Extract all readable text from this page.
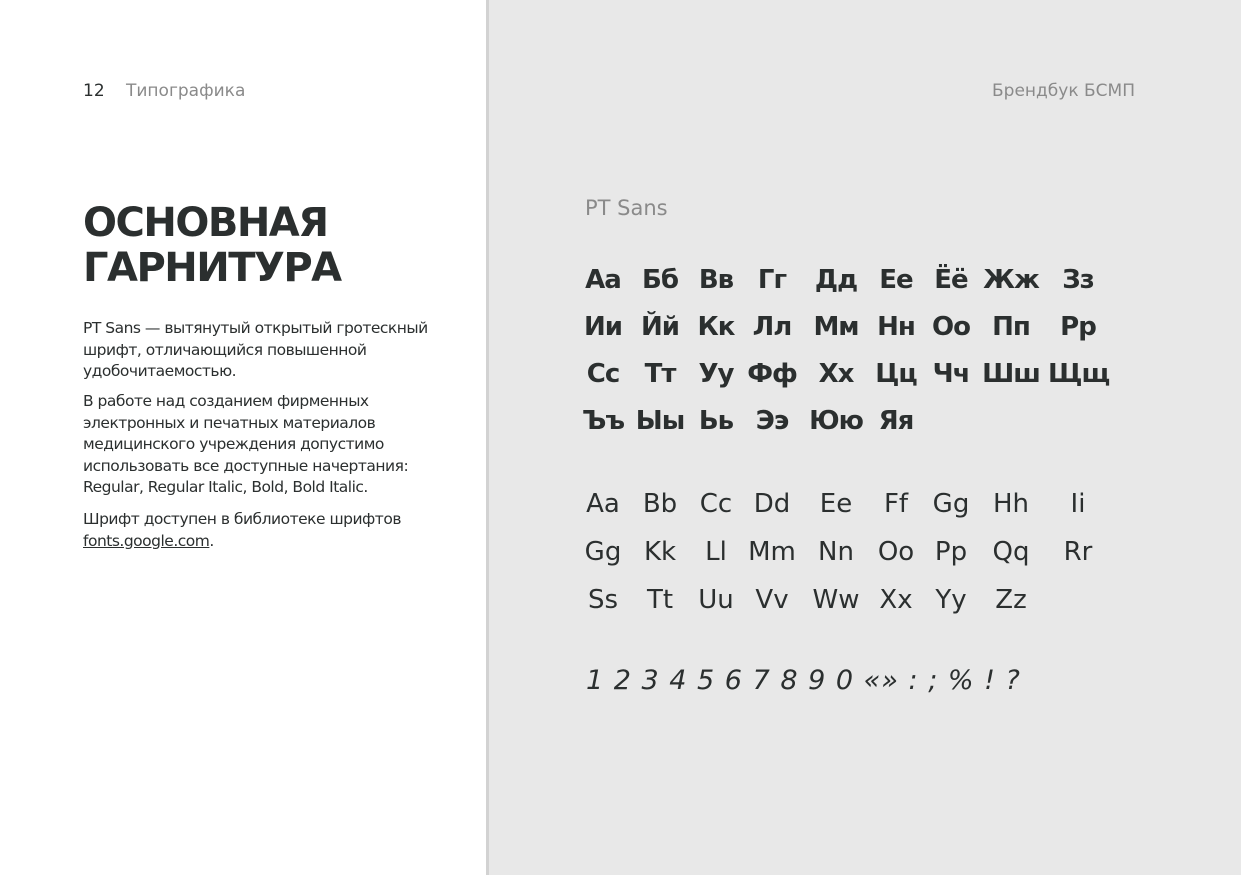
12 Типографика	Брендбук БСМП
ОСНОВНАЯ
ГАРНИТУРА

PT Sans — вытянутый открытый гротескный шрифт, отличающийся повышенной удобочитаемостью.

В работе над созданием фирменных электронных и печатных материалов медицинского учреждения допустимо использовать все доступные начертания: Regular, Regular Italic, Bold, Bold Italic.

Шрифт доступен в библиотеке шрифтов fonts.google.com.

PT Sans
Аа Бб Вв Гг	Дд Ее Ёё Жж Зз
Ии Йй Кк Лл Мм Нн Оо Пп	Рр
Сс Тт Уу Фф Хх Цц Чч Шш Щщ
Ъъ Ыы Ьь Ээ Юю Яя
Aa Bb Cc Dd	Ee	Ff Gg Hh	Ii
Gg Kk	Ll Mm Nn Oo Pp Qq	Rr
Ss	Tt Uu Vv Ww Xx Yy	Zz
1 2 3 4 5 6 7 8 9 0 «» : ; % ! ?
